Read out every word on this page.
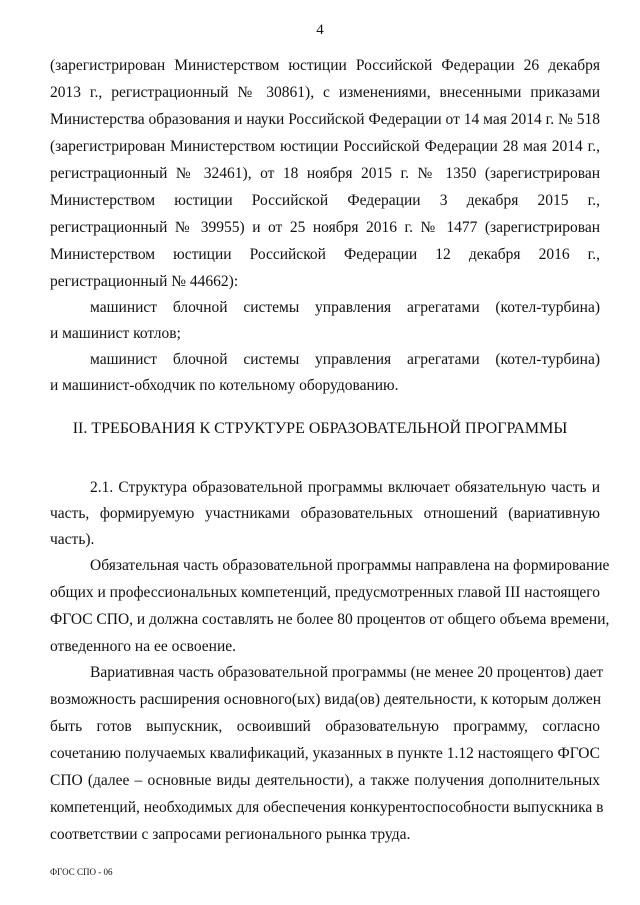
4
(зарегистрирован Министерством юстиции Российской Федерации 26 декабря
2013 г., регистрационный № 30861), с изменениями, внесенными приказами
Министерства образования и науки Российской Федерации от 14 мая 2014 г. № 518
(зарегистрирован Министерством юстиции Российской Федерации 28 мая 2014 г.,
регистрационный № 32461), от 18 ноября 2015 г. № 1350 (зарегистрирован
Министерством юстиции Российской Федерации 3 декабря 2015 г.,
регистрационный № 39955) и от 25 ноября 2016 г. № 1477 (зарегистрирован
Министерством юстиции Российской Федерации 12 декабря 2016 г.,
регистрационный № 44662):
машинист блочной системы управления агрегатами (котел-турбина)
и машинист котлов;
машинист блочной системы управления агрегатами (котел-турбина)
и машинист-обходчик по котельному оборудованию.
II. ТРЕБОВАНИЯ К СТРУКТУРЕ ОБРАЗОВАТЕЛЬНОЙ ПРОГРАММЫ
2.1. Структура образовательной программы включает обязательную часть и
часть, формируемую участниками образовательных отношений (вариативную
часть).
Обязательная часть образовательной программы направлена на формирование
общих и профессиональных компетенций, предусмотренных главой III настоящего
ФГОС СПО, и должна составлять не более 80 процентов от общего объема времени,
отведенного на ее освоение.
Вариативная часть образовательной программы (не менее 20 процентов) дает
возможность расширения основного(ых) вида(ов) деятельности, к которым должен
быть готов выпускник, освоивший образовательную программу, согласно
сочетанию получаемых квалификаций, указанных в пункте 1.12 настоящего ФГОС
СПО (далее – основные виды деятельности), а также получения дополнительных
компетенций, необходимых для обеспечения конкурентоспособности выпускника в
соответствии с запросами регионального рынка труда.
ФГОС СПО - 06
